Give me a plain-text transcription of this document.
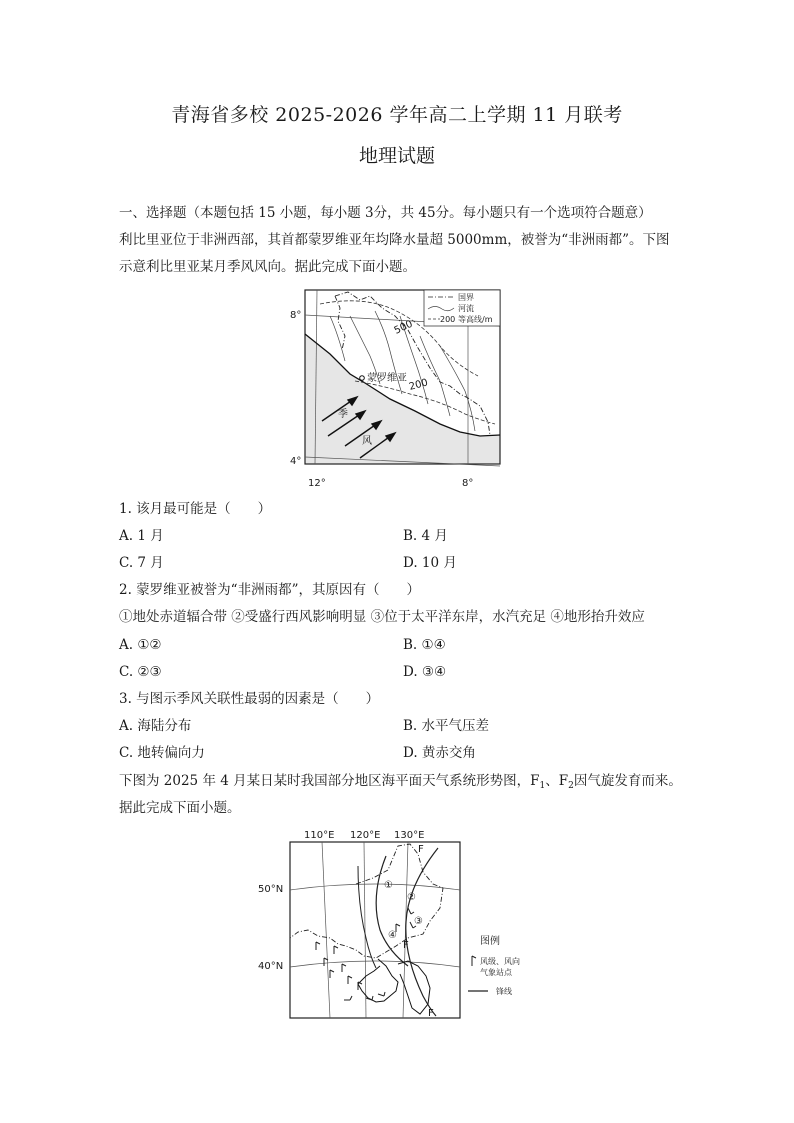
青海省多校 2025-2026 学年高二上学期 11 月联考
地理试题
一、选择题（本题包括 15 小题，每小题 3分，共 45分。每小题只有一个选项符合题意）
利比里亚位于非洲西部，其首都蒙罗维亚年均降水量超 5000mm，被誉为“非洲雨都”。下图
示意利比里亚某月季风风向。据此完成下面小题。
国界
河流
200 等高线/m
8°
4°
12°	8°
500
200
蒙罗维亚
季
风
1. 该月最可能是（　　）
A. 1 月	B. 4 月
C. 7 月	D. 10 月
2. 蒙罗维亚被誉为“非洲雨都”，其原因有（　　）
①地处赤道辐合带 ②受盛行西风影响明显 ③位于太平洋东岸，水汽充足 ④地形抬升效应
A. ①②	B. ①④
C. ②③	D. ③④
3. 与图示季风关联性最弱的因素是（　　）
A. 海陆分布	B. 水平气压差
C. 地转偏向力	D. 黄赤交角
下图为 2025 年 4 月某日某时我国部分地区海平面天气系统形势图，$F_1$、$F_2$因气旋发育而来。
据此完成下面小题。
110°E 120°E 130°E
50°N
40°N
①
②
③
④
F
F
F
图例
风级、风向
气象站点
锋线
